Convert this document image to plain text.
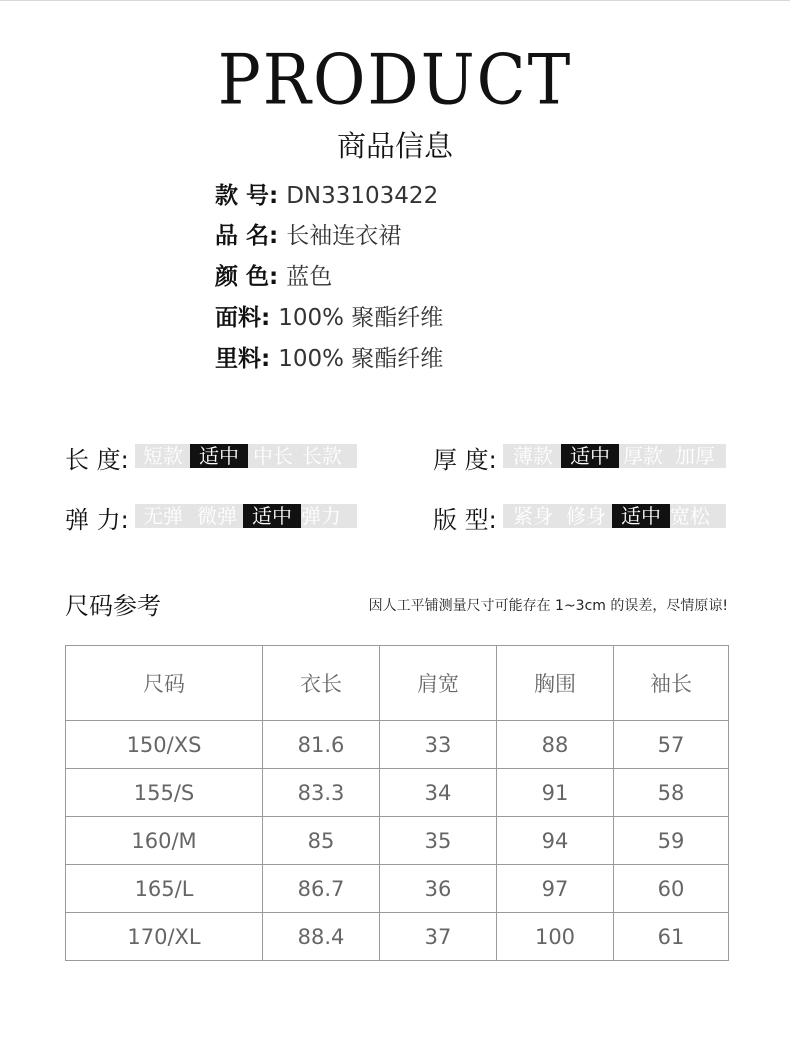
PRODUCT
商品信息
款 号: DN33103422
品 名: 长袖连衣裙
颜 色: 蓝色
面料: 100% 聚酯纤维
里料: 100% 聚酯纤维
长 度: 短款 适中 中长 长款	厚 度: 薄款 适中 厚款 加厚
弹 力: 无弹 微弹 适中 弹力	版 型: 紧身 修身 适中 宽松
尺码参考	因人工平铺测量尺寸可能存在 1~3cm 的误差，尽情原谅!
尺码	衣长	肩宽	胸围	袖长
150/XS	81.6	33	88	57
155/S	83.3	34	91	58
160/M	85	35	94	59
165/L	86.7	36	97	60
170/XL	88.4	37	100	61
